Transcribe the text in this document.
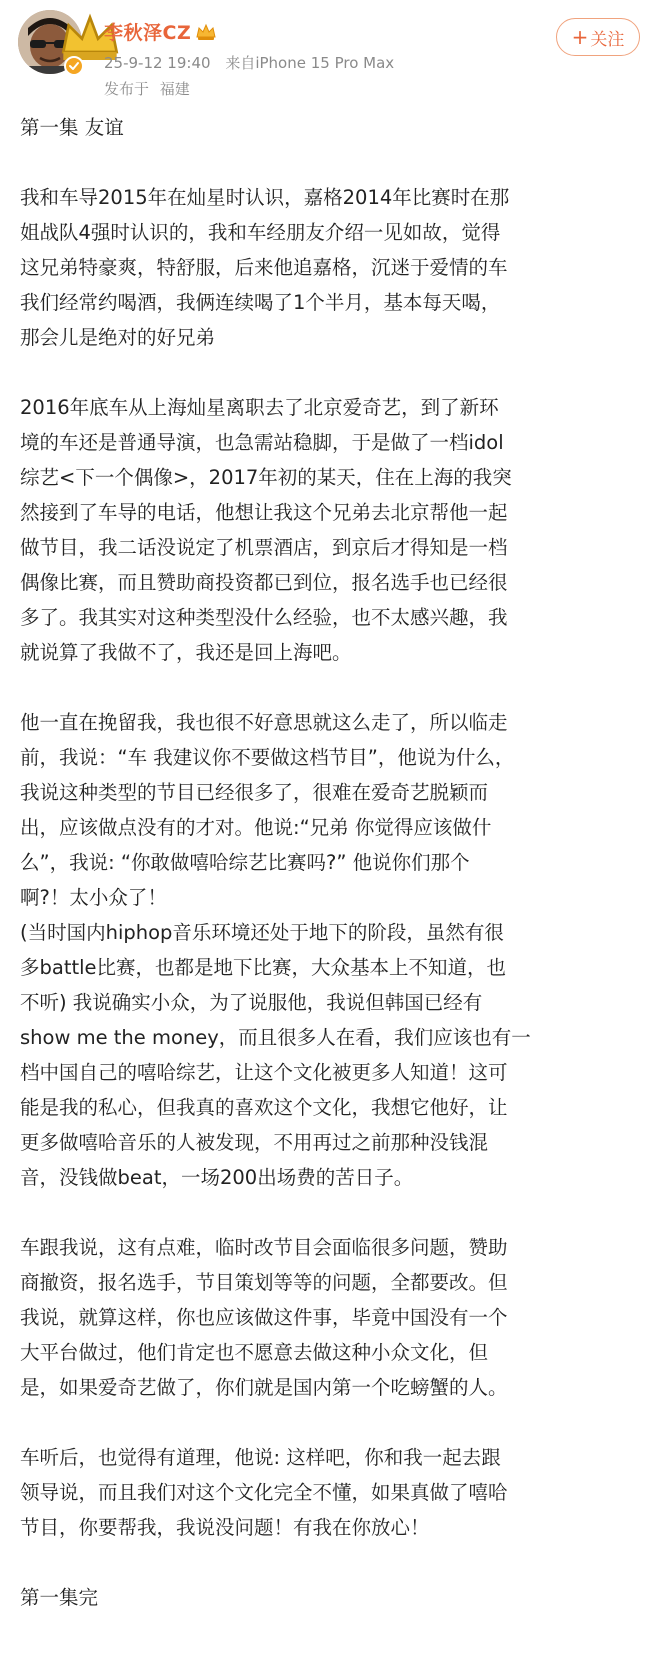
李秋泽CZ
25-9-12 19:40 来自iPhone 15 Pro Max
发布于 福建
+ 关注
第一集 友谊
我和车导2015年在灿星时认识，嘉格2014年比赛时在那
姐战队4强时认识的，我和车经朋友介绍一见如故，觉得
这兄弟特豪爽，特舒服，后来他追嘉格，沉迷于爱情的车
我们经常约喝酒，我俩连续喝了1个半月，基本每天喝，
那会儿是绝对的好兄弟
2016年底车从上海灿星离职去了北京爱奇艺，到了新环
境的车还是普通导演，也急需站稳脚，于是做了一档idol
综艺<下一个偶像>，2017年初的某天，住在上海的我突
然接到了车导的电话，他想让我这个兄弟去北京帮他一起
做节目，我二话没说定了机票酒店，到京后才得知是一档
偶像比赛，而且赞助商投资都已到位，报名选手也已经很
多了。我其实对这种类型没什么经验，也不太感兴趣，我
就说算了我做不了，我还是回上海吧。
他一直在挽留我，我也很不好意思就这么走了，所以临走
前，我说：“车 我建议你不要做这档节目”，他说为什么，
我说这种类型的节目已经很多了，很难在爱奇艺脱颖而
出，应该做点没有的才对。他说:“兄弟 你觉得应该做什
么”，我说: “你敢做嘻哈综艺比赛吗?” 他说你们那个
啊?！太小众了！
(当时国内hiphop音乐环境还处于地下的阶段，虽然有很
多battle比赛，也都是地下比赛，大众基本上不知道，也
不听) 我说确实小众，为了说服他，我说但韩国已经有
show me the money，而且很多人在看，我们应该也有一
档中国自己的嘻哈综艺，让这个文化被更多人知道！这可
能是我的私心，但我真的喜欢这个文化，我想它他好，让
更多做嘻哈音乐的人被发现，不用再过之前那种没钱混
音，没钱做beat，一场200出场费的苦日子。
车跟我说，这有点难，临时改节目会面临很多问题，赞助
商撤资，报名选手，节目策划等等的问题，全都要改。但
我说，就算这样，你也应该做这件事，毕竟中国没有一个
大平台做过，他们肯定也不愿意去做这种小众文化，但
是，如果爱奇艺做了，你们就是国内第一个吃螃蟹的人。
车听后，也觉得有道理，他说: 这样吧，你和我一起去跟
领导说，而且我们对这个文化完全不懂，如果真做了嘻哈
节目，你要帮我，我说没问题！有我在你放心！
第一集完
